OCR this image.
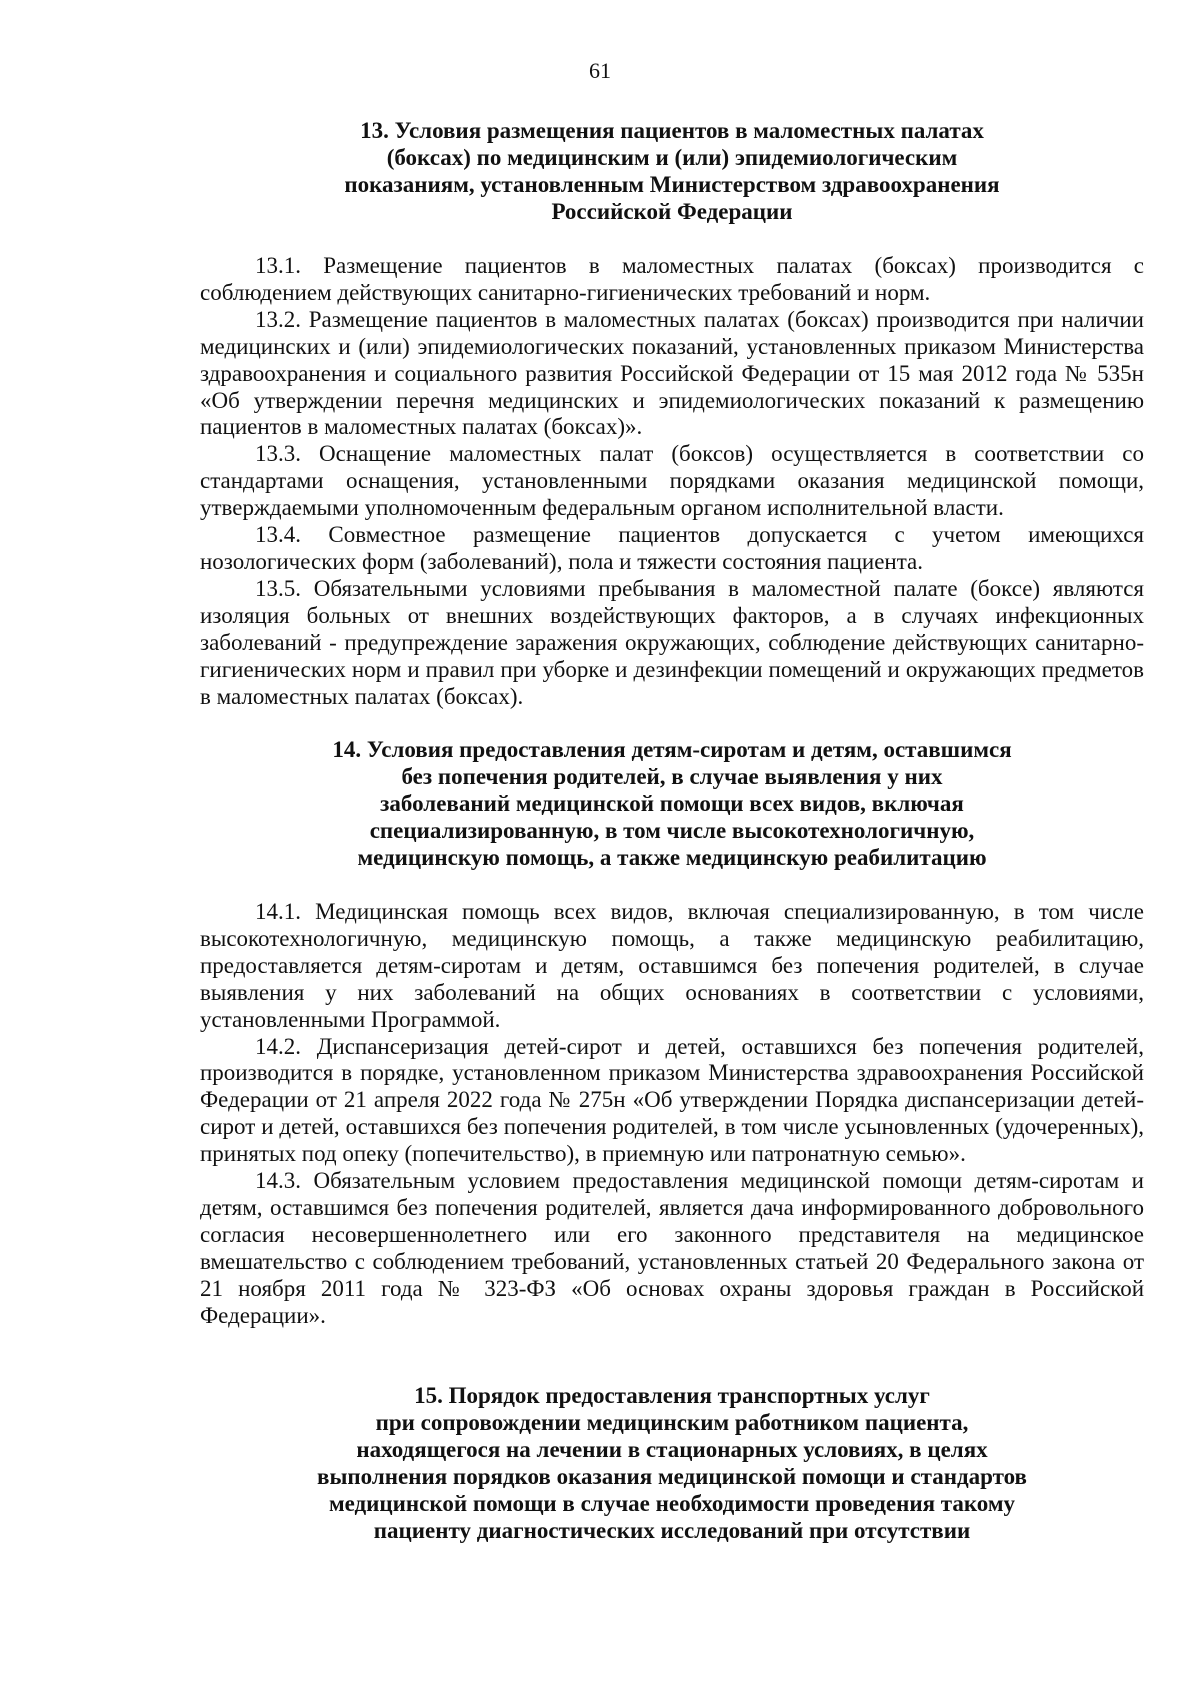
61
13. Условия размещения пациентов в маломестных палатах
(боксах) по медицинским и (или) эпидемиологическим
показаниям, установленным Министерством здравоохранения
Российской Федерации

13.1. Размещение пациентов в маломестных палатах (боксах) производится с соблюдением действующих санитарно-гигиенических требований и норм.

13.2. Размещение пациентов в маломестных палатах (боксах) производится при наличии медицинских и (или) эпидемиологических показаний, установленных приказом Министерства здравоохранения и социального развития Российской Федерации от 15 мая 2012 года № 535н «Об утверждении перечня медицинских и эпидемиологических показаний к размещению пациентов в маломестных палатах (боксах)».

13.3. Оснащение маломестных палат (боксов) осуществляется в соответствии со стандартами оснащения, установленными порядками оказания медицинской помощи, утверждаемыми уполномоченным федеральным органом исполнительной власти.

13.4. Совместное размещение пациентов допускается с учетом имеющихся нозологических форм (заболеваний), пола и тяжести состояния пациента.

13.5. Обязательными условиями пребывания в маломестной палате (боксе) являются изоляция больных от внешних воздействующих факторов, а в случаях инфекционных заболеваний - предупреждение заражения окружающих, соблюдение действующих санитарно-гигиенических норм и правил при уборке и дезинфекции помещений и окружающих предметов в маломестных палатах (боксах).

14. Условия предоставления детям-сиротам и детям, оставшимся
без попечения родителей, в случае выявления у них
заболеваний медицинской помощи всех видов, включая
специализированную, в том числе высокотехнологичную,
медицинскую помощь, а также медицинскую реабилитацию

14.1. Медицинская помощь всех видов, включая специализированную, в том числе высокотехнологичную, медицинскую помощь, а также медицинскую реабилитацию, предоставляется детям-сиротам и детям, оставшимся без попечения родителей, в случае выявления у них заболеваний на общих основаниях в соответствии с условиями, установленными Программой.

14.2. Диспансеризация детей-сирот и детей, оставшихся без попечения родителей, производится в порядке, установленном приказом Министерства здравоохранения Российской Федерации от 21 апреля 2022 года № 275н «Об утверждении Порядка диспансеризации детей-сирот и детей, оставшихся без попечения родителей, в том числе усыновленных (удочеренных), принятых под опеку (попечительство), в приемную или патронатную семью».

14.3. Обязательным условием предоставления медицинской помощи детям-сиротам и детям, оставшимся без попечения родителей, является дача информированного добровольного согласия несовершеннолетнего или его законного представителя на медицинское вмешательство с соблюдением требований, установленных статьей 20 Федерального закона от 21 ноября 2011 года № 323-ФЗ «Об основах охраны здоровья граждан в Российской Федерации».

15. Порядок предоставления транспортных услуг
при сопровождении медицинским работником пациента,
находящегося на лечении в стационарных условиях, в целях
выполнения порядков оказания медицинской помощи и стандартов
медицинской помощи в случае необходимости проведения такому
пациенту диагностических исследований при отсутствии
